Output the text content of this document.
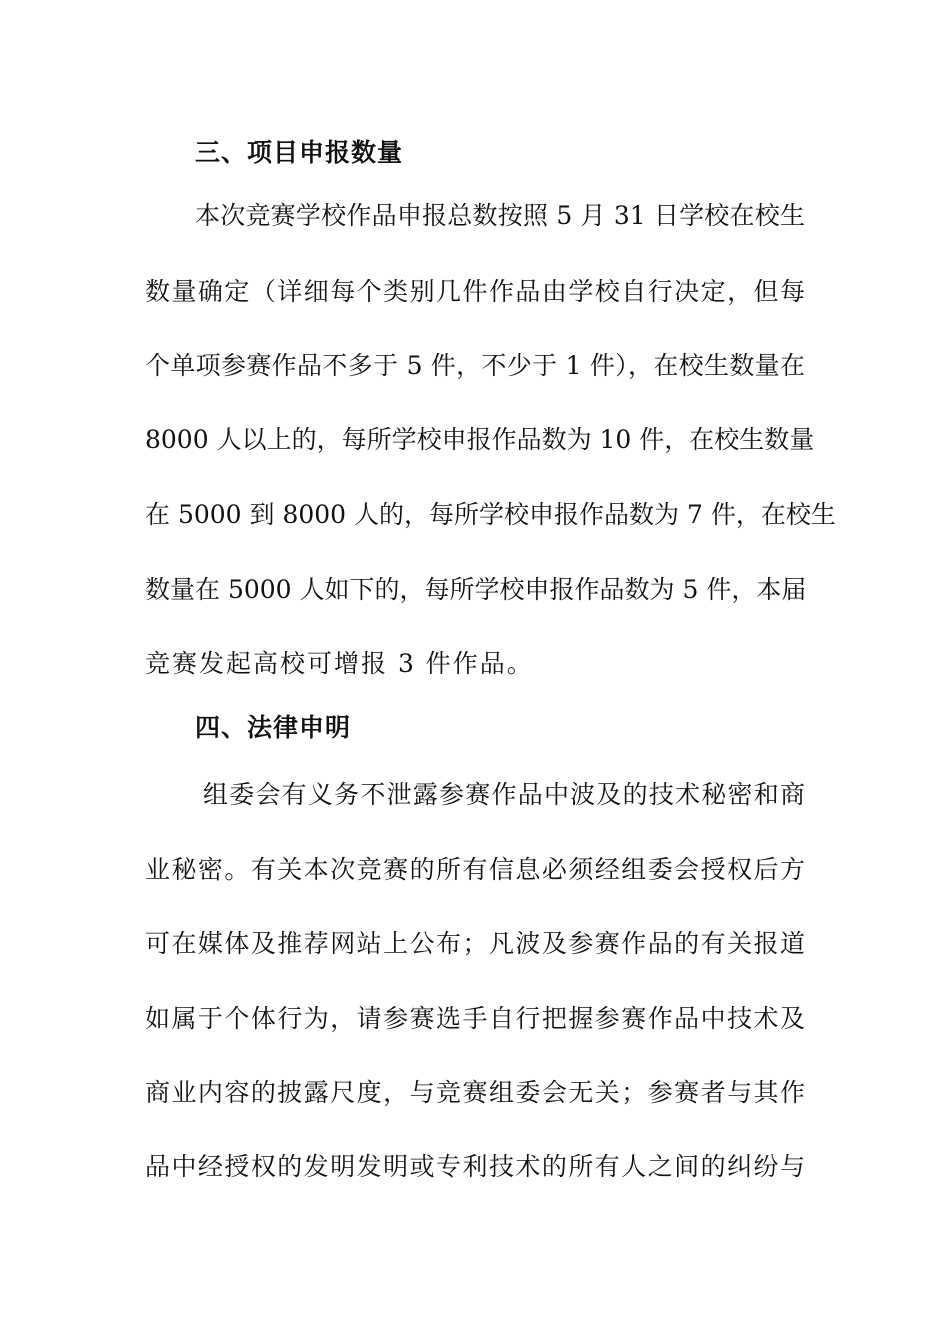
三、项目申报数量
本次竞赛学校作品申报总数按照 5 月 31 日学校在校生
数量确定（详细每个类别几件作品由学校自行决定，但每
个单项参赛作品不多于 5 件，不少于 1 件），在校生数量在
8000 人以上的，每所学校申报作品数为 10 件，在校生数量
在 5000 到 8000 人的，每所学校申报作品数为 7 件，在校生
数量在 5000 人如下的，每所学校申报作品数为 5 件，本届
竞赛发起高校可增报 3 件作品。
四、法律申明
组委会有义务不泄露参赛作品中波及的技术秘密和商
业秘密。有关本次竞赛的所有信息必须经组委会授权后方
可在媒体及推荐网站上公布；凡波及参赛作品的有关报道
如属于个体行为，请参赛选手自行把握参赛作品中技术及
商业内容的披露尺度，与竞赛组委会无关；参赛者与其作
品中经授权的发明发明或专利技术的所有人之间的纠纷与
